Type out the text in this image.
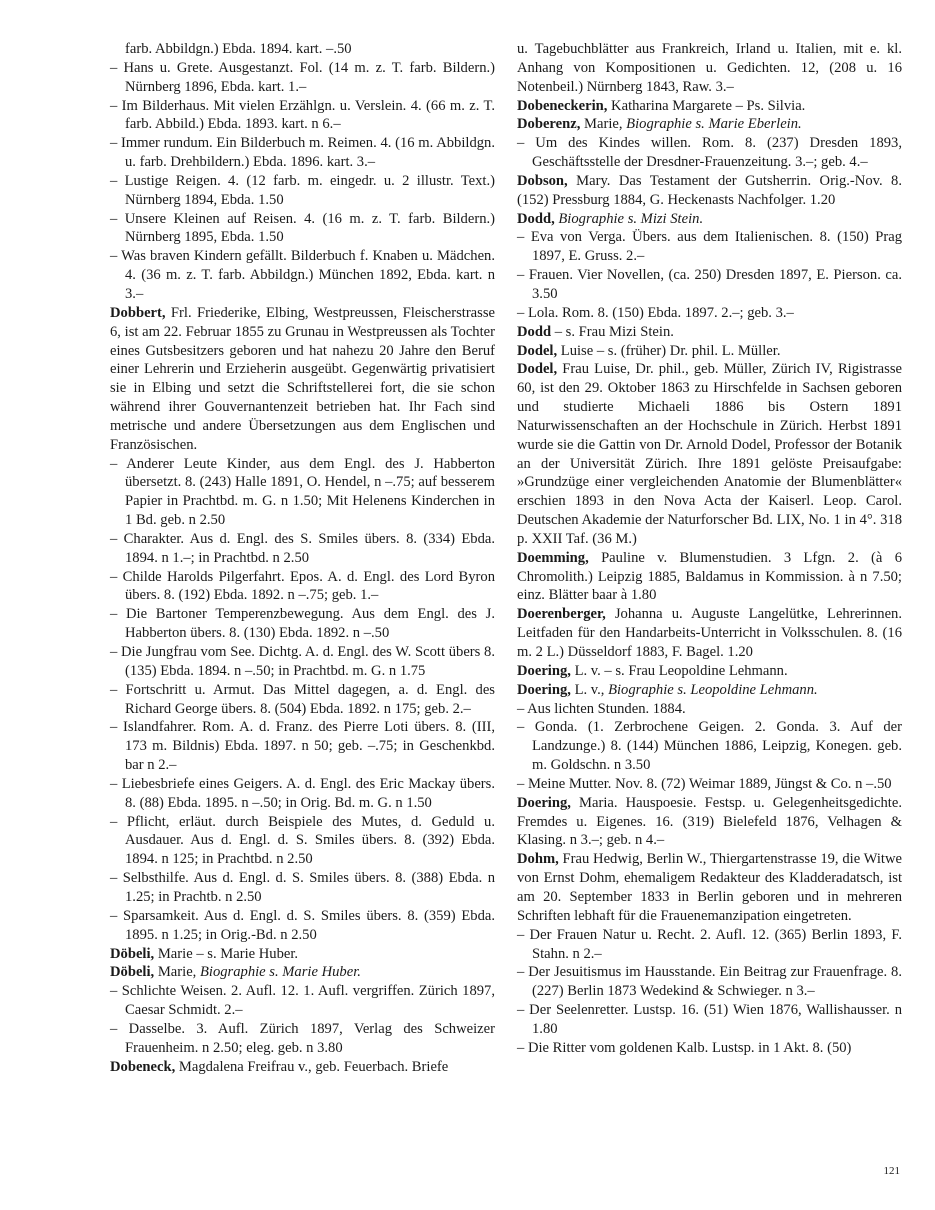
farb. Abbildgn.) Ebda. 1894. kart. –.50

– Hans u. Grete. Ausgestanzt. Fol. (14 m. z. T. farb. Bildern.) Nürnberg 1896, Ebda. kart. 1.–

– Im Bilderhaus. Mit vielen Erzählgn. u. Verslein. 4. (66 m. z. T. farb. Abbild.) Ebda. 1893. kart. n 6.–

– Immer rundum. Ein Bilderbuch m. Reimen. 4. (16 m. Abbildgn. u. farb. Drehbildern.) Ebda. 1896. kart. 3.–

– Lustige Reigen. 4. (12 farb. m. eingedr. u. 2 illustr. Text.) Nürnberg 1894, Ebda. 1.50

– Unsere Kleinen auf Reisen. 4. (16 m. z. T. farb. Bildern.) Nürnberg 1895, Ebda. 1.50

– Was braven Kindern gefällt. Bilderbuch f. Knaben u. Mädchen. 4. (36 m. z. T. farb. Abbildgn.) München 1892, Ebda. kart. n 3.–

Dobbert, Frl. Friederike, Elbing, Westpreussen, Fleischerstrasse 6, ist am 22. Februar 1855 zu Grunau in Westpreussen als Tochter eines Gutsbesitzers geboren und hat nahezu 20 Jahre den Beruf einer Lehrerin und Erzieherin ausgeübt. Gegenwärtig privatisiert sie in Elbing und setzt die Schriftstellerei fort, die sie schon während ihrer Gouvernantenzeit betrieben hat. Ihr Fach sind metrische und andere Übersetzungen aus dem Englischen und Französischen.

– Anderer Leute Kinder, aus dem Engl. des J. Habberton übersetzt. 8. (243) Halle 1891, O. Hendel, n –.75; auf besserem Papier in Prachtbd. m. G. n 1.50; Mit Helenens Kinderchen in 1 Bd. geb. n 2.50

– Charakter. Aus d. Engl. des S. Smiles übers. 8. (334) Ebda. 1894. n 1.–; in Prachtbd. n 2.50

– Childe Harolds Pilgerfahrt. Epos. A. d. Engl. des Lord Byron übers. 8. (192) Ebda. 1892. n –.75; geb. 1.–

– Die Bartoner Temperenzbewegung. Aus dem Engl. des J. Habberton übers. 8. (130) Ebda. 1892. n –.50

– Die Jungfrau vom See. Dichtg. A. d. Engl. des W. Scott übers 8. (135) Ebda. 1894. n –.50; in Prachtbd. m. G. n 1.75

– Fortschritt u. Armut. Das Mittel dagegen, a. d. Engl. des Richard George übers. 8. (504) Ebda. 1892. n 175; geb. 2.–

– Islandfahrer. Rom. A. d. Franz. des Pierre Loti übers. 8. (III, 173 m. Bildnis) Ebda. 1897. n 50; geb. –.75; in Geschenkbd. bar n 2.–

– Liebesbriefe eines Geigers. A. d. Engl. des Eric Mackay übers. 8. (88) Ebda. 1895. n –.50; in Orig. Bd. m. G. n 1.50

– Pflicht, erläut. durch Beispiele des Mutes, d. Geduld u. Ausdauer. Aus d. Engl. d. S. Smiles übers. 8. (392) Ebda. 1894. n 125; in Prachtbd. n 2.50

– Selbsthilfe. Aus d. Engl. d. S. Smiles übers. 8. (388) Ebda. n 1.25; in Prachtb. n 2.50

– Sparsamkeit. Aus d. Engl. d. S. Smiles übers. 8. (359) Ebda. 1895. n 1.25; in Orig.-Bd. n 2.50

Döbeli, Marie – s. Marie Huber.

Döbeli, Marie, Biographie s. Marie Huber.

– Schlichte Weisen. 2. Aufl. 12. 1. Aufl. vergriffen. Zürich 1897, Caesar Schmidt. 2.–

– Dasselbe. 3. Aufl. Zürich 1897, Verlag des Schweizer Frauenheim. n 2.50; eleg. geb. n 3.80

Dobeneck, Magdalena Freifrau v., geb. Feuerbach. Briefe

u. Tagebuchblätter aus Frankreich, Irland u. Italien, mit e. kl. Anhang von Kompositionen u. Gedichten. 12, (208 u. 16 Notenbeil.) Nürnberg 1843, Raw. 3.–

Dobeneckerin, Katharina Margarete – Ps. Silvia.

Doberenz, Marie, Biographie s. Marie Eberlein.

– Um des Kindes willen. Rom. 8. (237) Dresden 1893, Geschäftsstelle der Dresdner-Frauenzeitung. 3.–; geb. 4.–

Dobson, Mary. Das Testament der Gutsherrin. Orig.-Nov. 8. (152) Pressburg 1884, G. Heckenasts Nachfolger. 1.20

Dodd, Biographie s. Mizi Stein.

– Eva von Verga. Übers. aus dem Italienischen. 8. (150) Prag 1897, E. Gruss. 2.–

– Frauen. Vier Novellen, (ca. 250) Dresden 1897, E. Pierson. ca. 3.50

– Lola. Rom. 8. (150) Ebda. 1897. 2.–; geb. 3.–

Dodd – s. Frau Mizi Stein.

Dodel, Luise – s. (früher) Dr. phil. L. Müller.

Dodel, Frau Luise, Dr. phil., geb. Müller, Zürich IV, Rigistrasse 60, ist den 29. Oktober 1863 zu Hirschfelde in Sachsen geboren und studierte Michaeli 1886 bis Ostern 1891 Naturwissenschaften an der Hochschule in Zürich. Herbst 1891 wurde sie die Gattin von Dr. Arnold Dodel, Professor der Botanik an der Universität Zürich. Ihre 1891 gelöste Preisaufgabe: »Grundzüge einer vergleichenden Anatomie der Blumenblätter« erschien 1893 in den Nova Acta der Kaiserl. Leop. Carol. Deutschen Akademie der Naturforscher Bd. LIX, No. 1 in 4°. 318 p. XXII Taf. (36 M.)

Doemming, Pauline v. Blumenstudien. 3 Lfgn. 2. (à 6 Chromolith.) Leipzig 1885, Baldamus in Kommission. à n 7.50; einz. Blätter baar à 1.80

Doerenberger, Johanna u. Auguste Langelütke, Lehrerinnen. Leitfaden für den Handarbeits-Unterricht in Volksschulen. 8. (16 m. 2 L.) Düsseldorf 1883, F. Bagel. 1.20

Doering, L. v. – s. Frau Leopoldine Lehmann.

Doering, L. v., Biographie s. Leopoldine Lehmann.

– Aus lichten Stunden. 1884.

– Gonda. (1. Zerbrochene Geigen. 2. Gonda. 3. Auf der Landzunge.) 8. (144) München 1886, Leipzig, Konegen. geb. m. Goldschn. n 3.50

– Meine Mutter. Nov. 8. (72) Weimar 1889, Jüngst & Co. n –.50

Doering, Maria. Hauspoesie. Festsp. u. Gelegenheitsgedichte. Fremdes u. Eigenes. 16. (319) Bielefeld 1876, Velhagen & Klasing. n 3.–; geb. n 4.–

Dohm, Frau Hedwig, Berlin W., Thiergartenstrasse 19, die Witwe von Ernst Dohm, ehemaligem Redakteur des Kladderadatsch, ist am 20. September 1833 in Berlin geboren und in mehreren Schriften lebhaft für die Frauenemanzipation eingetreten.

– Der Frauen Natur u. Recht. 2. Aufl. 12. (365) Berlin 1893, F. Stahn. n 2.–

– Der Jesuitismus im Hausstande. Ein Beitrag zur Frauenfrage. 8. (227) Berlin 1873 Wedekind & Schwieger. n 3.–

– Der Seelenretter. Lustsp. 16. (51) Wien 1876, Wallishausser. n 1.80

– Die Ritter vom goldenen Kalb. Lustsp. in 1 Akt. 8. (50)

121
